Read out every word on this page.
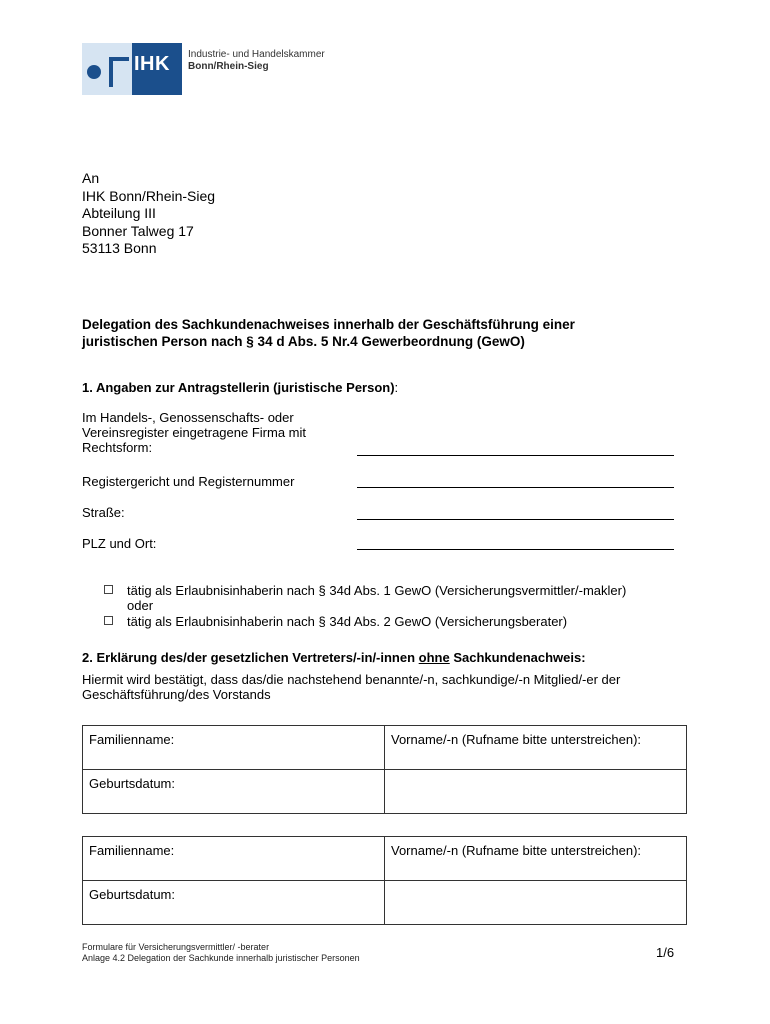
IHK Industrie- und Handelskammer
Bonn/Rhein-Sieg
An
IHK Bonn/Rhein-Sieg
Abteilung III
Bonner Talweg 17
53113 Bonn
Delegation des Sachkundenachweises innerhalb der Geschäftsführung einer
juristischen Person nach § 34 d Abs. 5 Nr.4 Gewerbeordnung (GewO)
1. Angaben zur Antragstellerin (juristische Person):
Im Handels-, Genossenschafts- oder
Vereinsregister eingetragene Firma mit
Rechtsform:
Registergericht und Registernummer
Straße:
PLZ und Ort:
tätig als Erlaubnisinhaberin nach § 34d Abs. 1 GewO (Versicherungsvermittler/-makler)
oder
tätig als Erlaubnisinhaberin nach § 34d Abs. 2 GewO (Versicherungsberater)
2. Erklärung des/der gesetzlichen Vertreters/-in/-innen ohne Sachkundenachweis:
Hiermit wird bestätigt, dass das/die nachstehend benannte/-n, sachkundige/-n Mitglied/-er der
Geschäftsführung/des Vorstands
Familienname:	Vorname/-n (Rufname bitte unterstreichen):
Geburtsdatum:	
Familienname:	Vorname/-n (Rufname bitte unterstreichen):
Geburtsdatum:	
Formulare für Versicherungsvermittler/ -berater
Anlage 4.2 Delegation der Sachkunde innerhalb juristischer Personen	1/6
